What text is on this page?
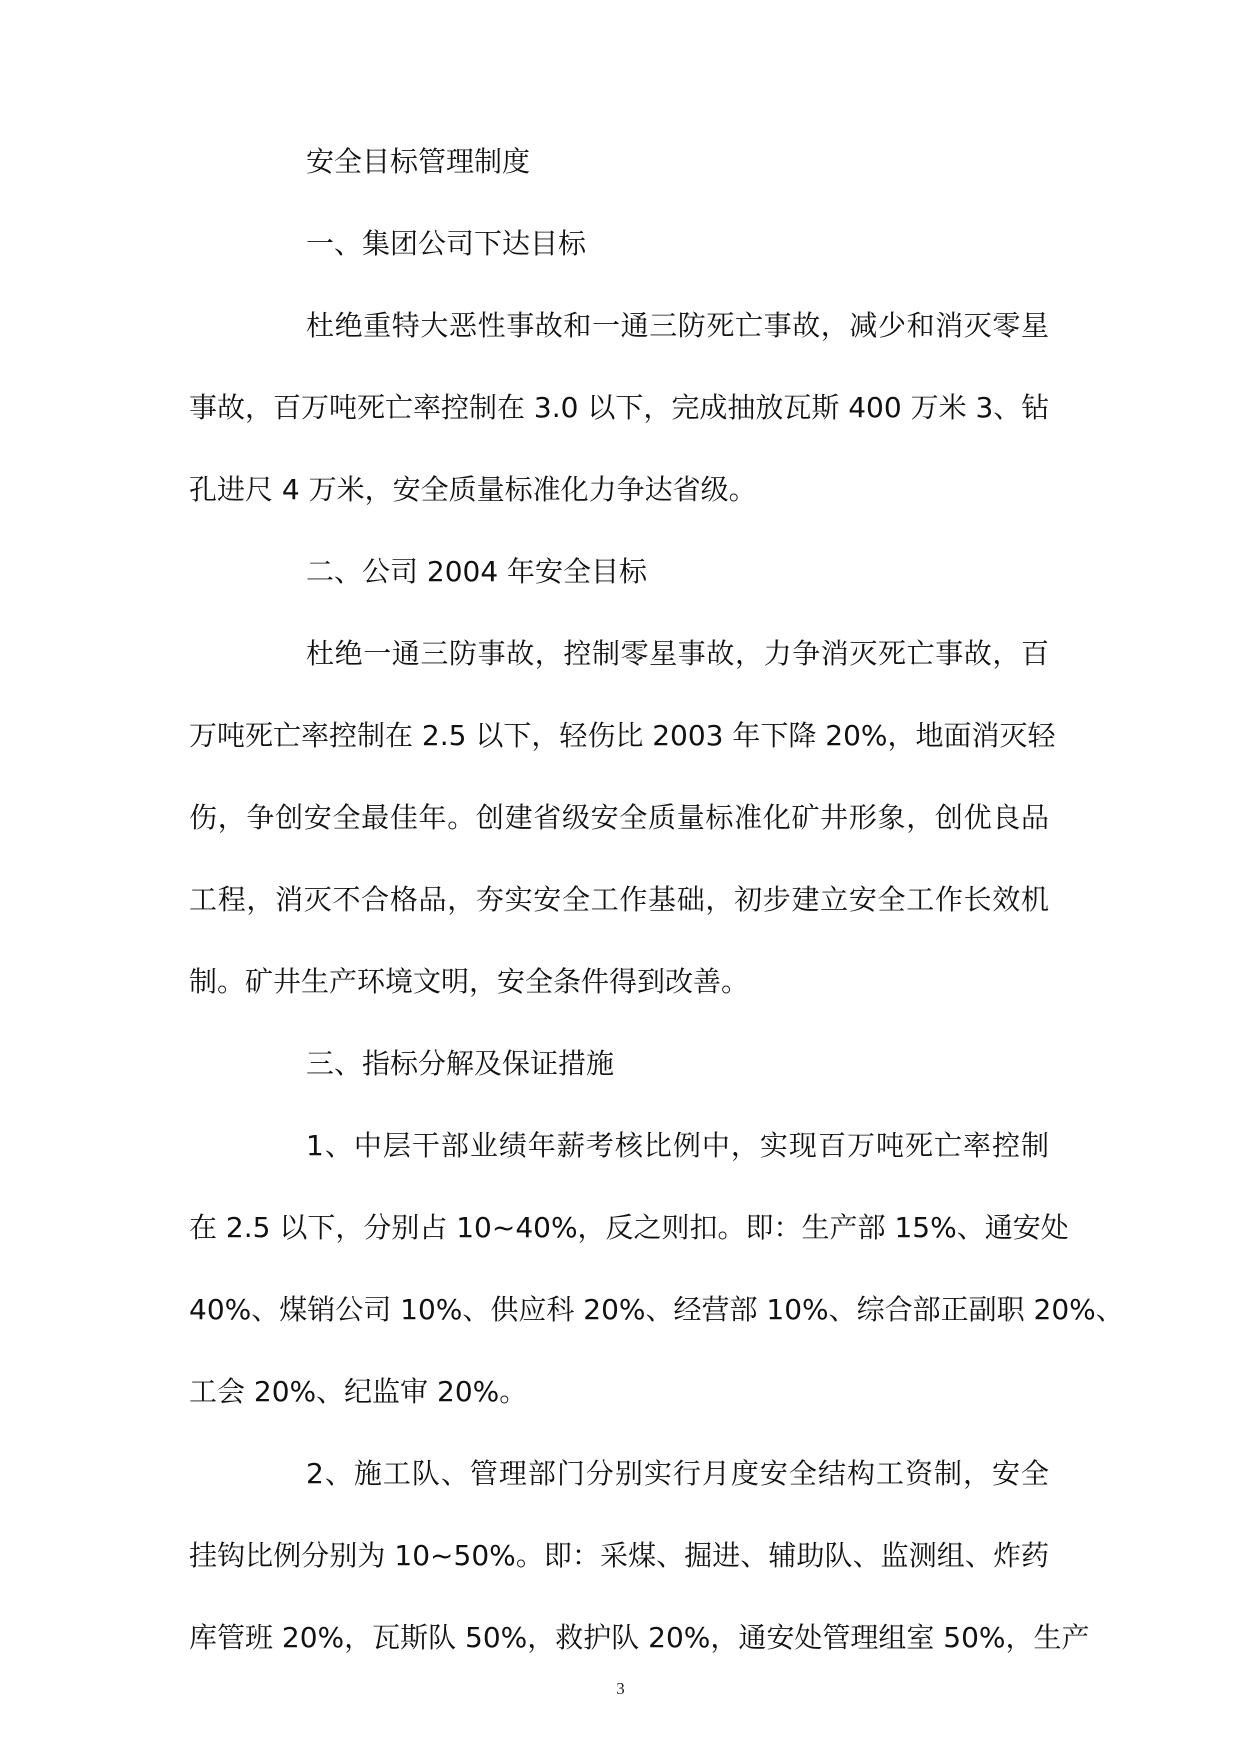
安全目标管理制度

一、集团公司下达目标

杜绝重特大恶性事故和一通三防死亡事故，减少和消灭零星

事故，百万吨死亡率控制在 3.0 以下，完成抽放瓦斯 400 万米 3、钻

孔进尺 4 万米，安全质量标准化力争达省级。

二、公司 2004 年安全目标

杜绝一通三防事故，控制零星事故，力争消灭死亡事故，百

万吨死亡率控制在 2.5 以下，轻伤比 2003 年下降 20%，地面消灭轻

伤，争创安全最佳年。创建省级安全质量标准化矿井形象，创优良品

工程，消灭不合格品，夯实安全工作基础，初步建立安全工作长效机

制。矿井生产环境文明，安全条件得到改善。

三、指标分解及保证措施

1、中层干部业绩年薪考核比例中，实现百万吨死亡率控制

在 2.5 以下，分别占 10~40%，反之则扣。即：生产部 15%、通安处

40%、煤销公司 10%、供应科 20%、经营部 10%、综合部正副职 20%、

工会 20%、纪监审 20%。

2、施工队、管理部门分别实行月度安全结构工资制，安全

挂钩比例分别为 10~50%。即：采煤、掘进、辅助队、监测组、炸药

库管班 20%，瓦斯队 50%，救护队 20%，通安处管理组室 50%，生产

3
